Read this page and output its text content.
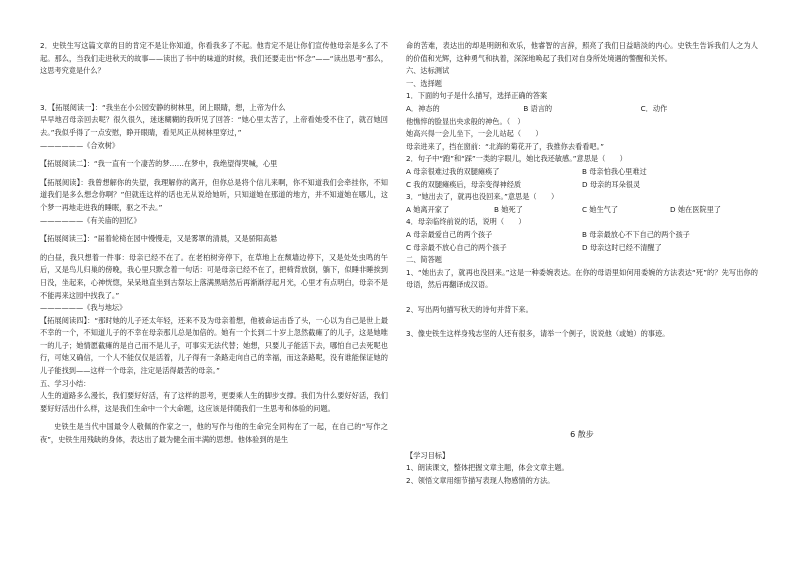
2．史铁生写这篇文章的目的肯定不是让你知道，你看我多了不起。他肯定不是让你们宣传他母亲是多么了不起。那么，当我们走进秋天的故事——读出了书中的味道的时候，我们还要走出“怀念”——“读出思考”那么，这思考究竟是什么？

3．【拓展阅读一】：“我坐在小公园安静的树林里，闭上眼睛，想，上帝为什么

早早地召母亲回去呢？很久很久，迷迷糊糊的我听见了回答：“她心里太苦了，上帝看她受不住了，就召她回去。”我似乎得了一点安慰，睁开眼睛，看见风正从树林里穿过，”

——————《合欢树》

【拓展阅读二】：“我一直有一个凄苦的梦……在梦中，我绝望得哭喊，心里

【拓展阅读】：我曾想解你的失望，我理解你的离开，但你总是将个信儿来啊，你不知道我们会牵挂你，不知道我们是多么想念你啊？”但就连这样的话也无从说给她听，只知道她在那道的地方，并不知道她在哪儿，这个梦一再地走进我的睡眠，驱之不去。”

——————《有关庙的回忆》

【拓展阅读三】：“届着轮椅在园中慢慢走，又是雾罩的清晨，又是骄阳高悬

的白昼，我只想着一件事：母亲已经不在了。在老柏树旁停下，在草地上在颓墙边停下，又是处处虫鸣的午后，又是鸟儿归巢的傍晚，我心里只默念着一句话：可是母亲已经不在了，把椅背放倒，躺下，似睡非睡挨到日没，坐起来，心神恍惚，呆呆地直坐到古祭坛上落满黑暗然后再渐渐浮起月光，心里才有点明白，母亲不是不能再来这园中找我了。”

——————《我与地坛》

【拓展阅读四】：“那时她的儿子还太年轻，还来不及为母亲着想，他被命运击昏了头，一心以为自己是世上最不幸的一个，不知道儿子的不幸在母亲那儿总是加倍的。她有一个长到二十岁上忽然截瘫了的儿子，这是她唯一的儿子；她情愿截瘫的是自己而不是儿子，可事实无法代替；她想，只要儿子能活下去，哪怕自己去死呢也行，可她又确信，一个人不能仅仅是活着，儿子得有一条路走向自己的幸福，而这条路呢，没有谁能保证她的儿子能找到——这样一个母亲，注定是活得最苦的母亲。”

五、学习小结：

人生的道路多么漫长，我们要好好活，有了这样的思考，更要乘人生的脚步支撑。我们为什么要好好活，我们要好好活出什么样，这是我们生命中一个大命题，这应该是伴随我们一生思考和体验的问题。

史铁生是当代中国最令人敬佩的作家之一，他的写作与他的生命完全同构在了一起，在自己的“写作之夜”，史铁生用残缺的身体，表达出了最为健全而丰满的思想。他体验到的是生

命的苦难，表达出的却是明朗和欢乐，他睿智的言辞，照亮了我们日益暗淡的内心。史铁生告诉我们人之为人的价值和光辉，这种勇气和执着，深深地唤起了我们对自身所处境遇的警醒和关怀。

六、达标测试

一、选择题

1．下面的句子是什么描写，选择正确的答案

A．神态的	B 语言的	C．动作

他憔悴的脸显出央求般的神色。（　）

她高兴得一会儿坐下，一会儿站起（　　）

母亲进来了，挡在窗前：“北海的菊花开了，我推你去看看吧。”

2．句子中“跑”和“踩”一类的字眼儿，她比我还敏感。”意思是（　　）

A 母亲很难过我的双腿瘫痪了	B 母亲怕我心里难过
C 我的双腿瘫痪后，母亲变得神经质	D 母亲的耳朵很灵

3．“她出去了，就再也没回来。”意思是（　　）

A 她离开家了	B 她死了	C 她生气了	D 她在医院里了

4．母亲临终前说的话，说明（　　）

A 母亲最爱自己的两个孩子	B 母亲最放心不下自己的两个孩子
C 母亲最不放心自己的两个孩子	D 母亲这时已经不清醒了

二、简答题

1、“她出去了，就再也没回来。”这是一种委婉表达。在你的母语里如何用委婉的方法表达“死”的？先写出你的母语，然后再翻译成汉语。

2、写出两句描写秋天的诗句并背下来。

3、像史铁生这样身残志坚的人还有很多，请举一个例子，说说他（或她）的事迹。

6 散步

【学习目标】

1、朗读课文，整体把握文章主题，体会文章主题。

2、领悟文章用细节描写表现人物感情的方法。
